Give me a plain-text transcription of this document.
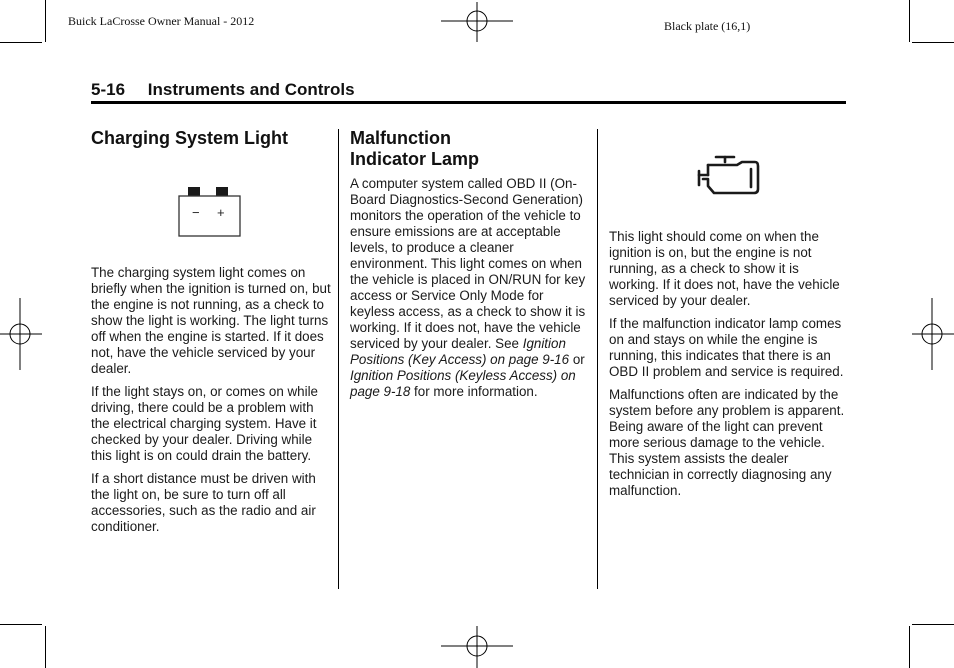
Buick LaCrosse Owner Manual - 2012	Black plate (16,1)
5-16 Instruments and Controls
Charging System Light
− +

The charging system light comes on briefly when the ignition is turned on, but the engine is not running, as a check to show the light is working. The light turns off when the engine is started. If it does not, have the vehicle serviced by your dealer.

If the light stays on, or comes on while driving, there could be a problem with the electrical charging system. Have it checked by your dealer. Driving while this light is on could drain the battery.

If a short distance must be driven with the light on, be sure to turn off all accessories, such as the radio and air conditioner.

Malfunction
Indicator Lamp

A computer system called OBD II (On-Board Diagnostics-Second Generation) monitors the operation of the vehicle to ensure emissions are at acceptable levels, to produce a cleaner environment. This light comes on when the vehicle is placed in ON/RUN for key access or Service Only Mode for keyless access, as a check to show it is working. If it does not, have the vehicle serviced by your dealer. See Ignition Positions (Key Access) on page 9‑16 or Ignition Positions (Keyless Access) on page 9‑18 for more information.

This light should come on when the ignition is on, but the engine is not running, as a check to show it is working. If it does not, have the vehicle serviced by your dealer.

If the malfunction indicator lamp comes on and stays on while the engine is running, this indicates that there is an OBD II problem and service is required.

Malfunctions often are indicated by the system before any problem is apparent. Being aware of the light can prevent more serious damage to the vehicle. This system assists the dealer technician in correctly diagnosing any malfunction.
